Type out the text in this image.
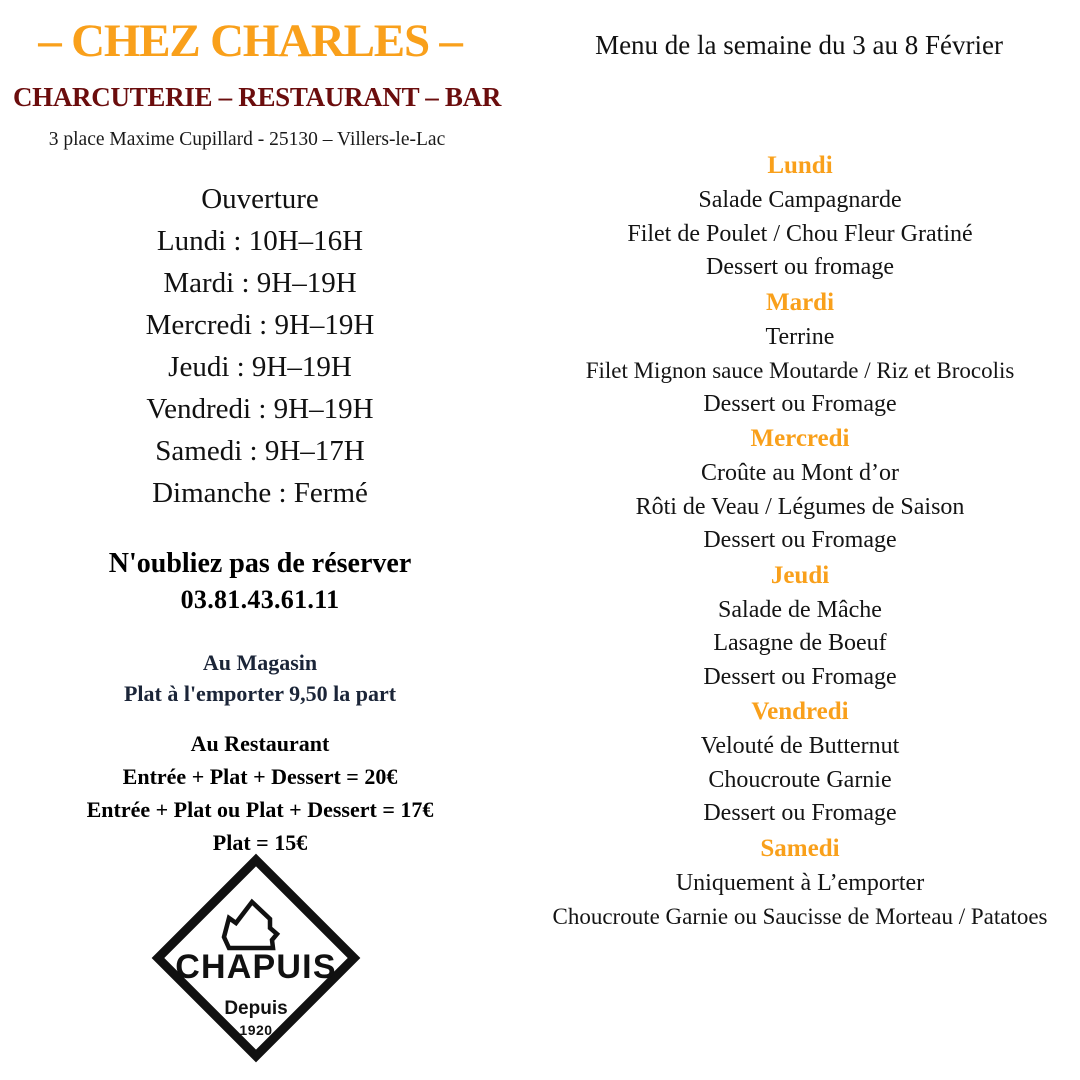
– CHEZ CHARLES –
CHARCUTERIE – RESTAURANT – BAR
3 place Maxime Cupillard - 25130 – Villers-le-Lac
Ouverture
Lundi : 10H–16H
Mardi : 9H–19H
Mercredi : 9H–19H
Jeudi : 9H–19H
Vendredi : 9H–19H
Samedi : 9H–17H
Dimanche : Fermé
N'oubliez pas de réserver
03.81.43.61.11
Au Magasin
Plat à l'emporter 9,50 la part
Au Restaurant
Entrée + Plat + Dessert = 20€
Entrée + Plat ou Plat + Dessert = 17€
Plat = 15€
CHAPUIS
Depuis
1920
Menu de la semaine du 3 au 8 Février
Lundi
Salade Campagnarde
Filet de Poulet / Chou Fleur Gratiné
Dessert ou fromage
Mardi
Terrine
Filet Mignon sauce Moutarde / Riz et Brocolis
Dessert ou Fromage
Mercredi
Croûte au Mont d’or
Rôti de Veau / Légumes de Saison
Dessert ou Fromage
Jeudi
Salade de Mâche
Lasagne de Boeuf
Dessert ou Fromage
Vendredi
Velouté de Butternut
Choucroute Garnie
Dessert ou Fromage
Samedi
Uniquement à L’emporter
Choucroute Garnie ou Saucisse de Morteau / Patatoes
